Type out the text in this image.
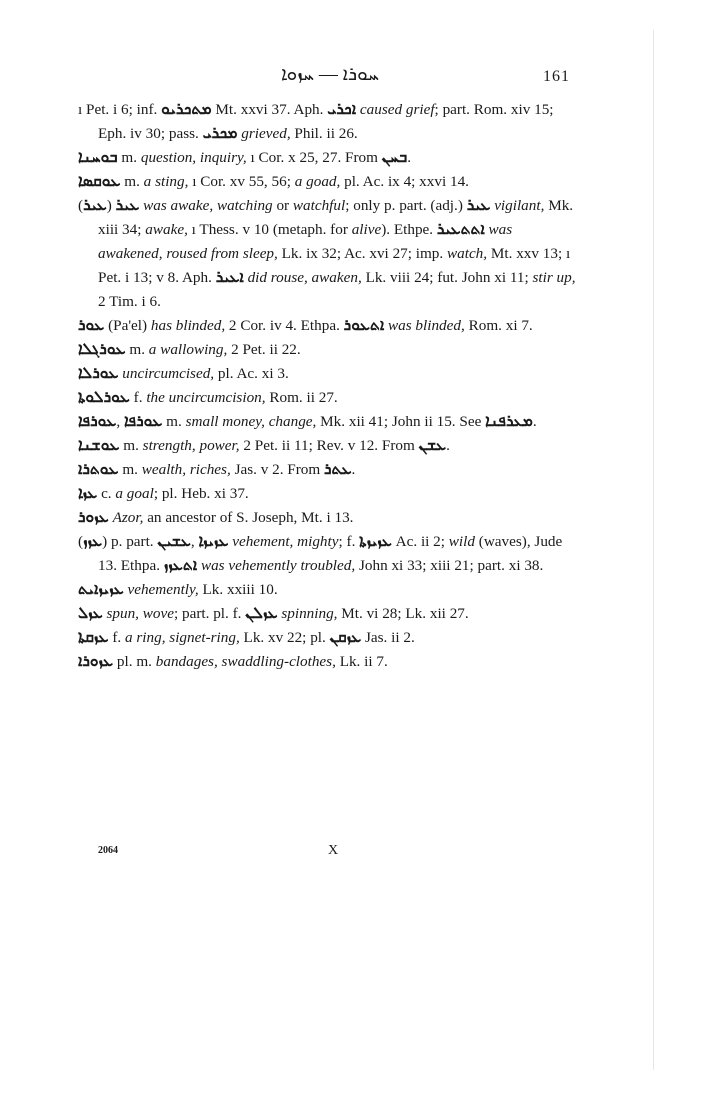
ܚܘܪܐ — ܚܙܘܐ	161

ı Pet. i 6; inf. ܡܬܟܪܝܘ Mt. xxvi 37. Aph. ܐܟܪܝ caused grief; part. Rom. xiv 15; Eph. iv 30; pass. ܡܟܪܝ grieved, Phil. ii 26.

ܒܘܚܢܐ m. question, inquiry, ı Cor. x 25, 27. From ܒܚܢ.

ܥܘܩܣܐ m. a sting, ı Cor. xv 55, 56; a goad, pl. Ac. ix 4; xxvi 14.

(ܥܝܪ) ܥܝܪ was awake, watching or watchful; only p. part. (adj.) ܥܝܪ vigilant, Mk. xiii 34; awake, ı Thess. v 10 (metaph. for alive). Ethpe. ܐܬܬܥܝܪ was awakened, roused from sleep, Lk. ix 32; Ac. xvi 27; imp. watch, Mt. xxv 13; ı Pet. i 13; v 8. Aph. ܐܥܝܪ did rouse, awaken, Lk. viii 24; fut. John xi 11; stir up, 2 Tim. i 6.

ܥܘܪ (Pa'el) has blinded, 2 Cor. iv 4. Ethpa. ܐܬܥܘܪ was blinded, Rom. xi 7.

ܥܘܪܓܠܐ m. a wallowing, 2 Pet. ii 22.

ܥܘܪܠܐ uncircumcised, pl. Ac. xi 3.

ܥܘܪܠܘܬܐ f. the uncircumcision, Rom. ii 27.

ܥܘܪܦܐ, ܥܘܪܦܐ m. small money, change, Mk. xii 41; John ii 15. See ܡܥܪܦܢܐ.

ܥܘܫܢܐ m. strength, power, 2 Pet. ii 11; Rev. v 12. From ܥܫܢ.

ܥܘܬܪܐ m. wealth, riches, Jas. v 2. From ܥܬܪ.

ܥܙܐ c. a goal; pl. Heb. xi 37.

ܥܙܘܪ Azor, an ancestor of S. Joseph, Mt. i 13.

(ܥܙܙ) p. part. ܥܫܝܢ, ܥܙܝܙܐ vehement, mighty; f. ܥܙܝܙܬܐ Ac. ii 2; wild (waves), Jude 13. Ethpa. ܐܬܥܙܙ was vehemently troubled, John xi 33; xiii 21; part. xi 38.

ܥܙܝܙܐܝܬ vehemently, Lk. xxiii 10.

ܥܙܠ spun, wove; part. pl. f. ܥܙܠܢ spinning, Mt. vi 28; Lk. xii 27.

ܥܙܩܬܐ f. a ring, signet-ring, Lk. xv 22; pl. ܥܙܩܢ Jas. ii 2.

ܥܙܘܪܐ pl. m. bandages, swaddling-clothes, Lk. ii 7.

2064	X
